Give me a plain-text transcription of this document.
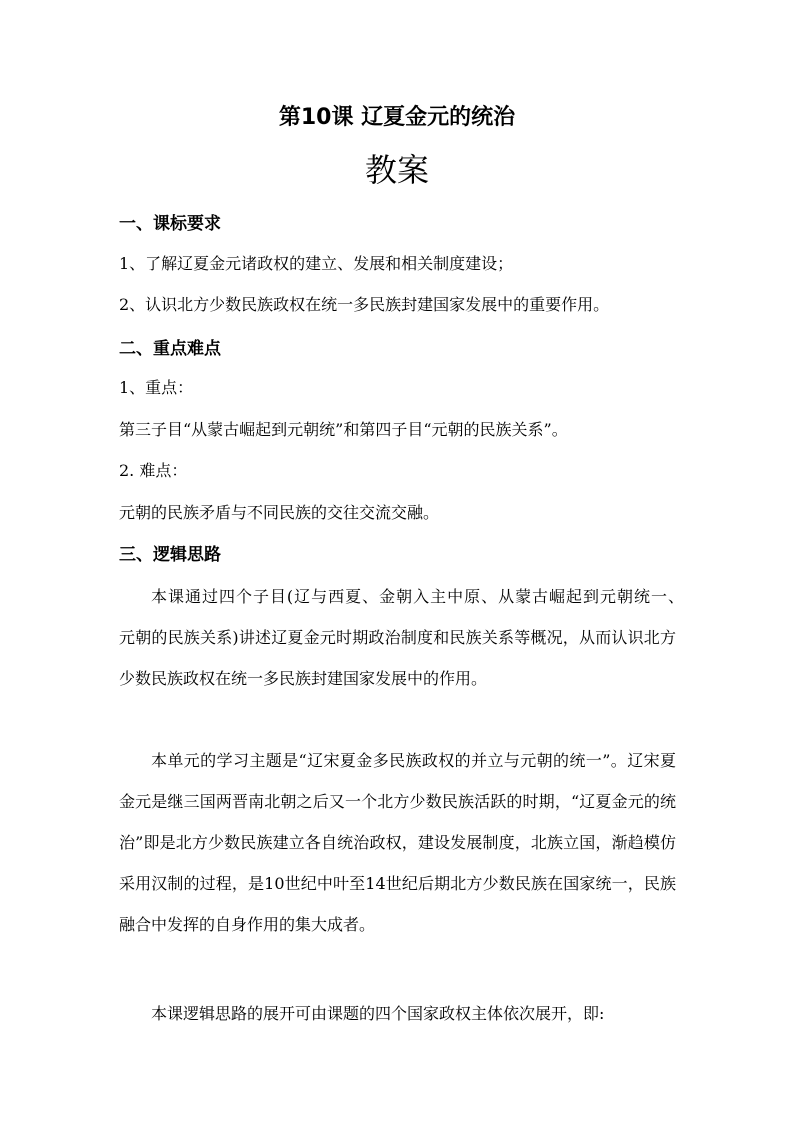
第10课 辽夏金元的统治
教案
一、课标要求

1、了解辽夏金元诸政权的建立、发展和相关制度建设；

2、认识北方少数民族政权在统一多民族封建国家发展中的重要作用。

二、重点难点

1、重点：

第三子目“从蒙古崛起到元朝统”和第四子目“元朝的民族关系”。

2. 难点：

元朝的民族矛盾与不同民族的交往交流交融。

三、逻辑思路

本课通过四个子目(辽与西夏、金朝入主中原、从蒙古崛起到元朝统一、　元朝的民族关系)讲述辽夏金元时期政治制度和民族关系等概况，从而认识北方少数民族政权在统一多民族封建国家发展中的作用。

本单元的学习主题是“辽宋夏金多民族政权的并立与元朝的统一”。辽宋夏金元是继三国两晋南北朝之后又一个北方少数民族活跃的时期，“辽夏金元的统治”即是北方少数民族建立各自统治政权，建设发展制度，北族立国，渐趋模仿采用汉制的过程，是10世纪中叶至14世纪后期北方少数民族在国家统一，民族融合中发挥的自身作用的集大成者。

本课逻辑思路的展开可由课题的四个国家政权主体依次展开，即:
